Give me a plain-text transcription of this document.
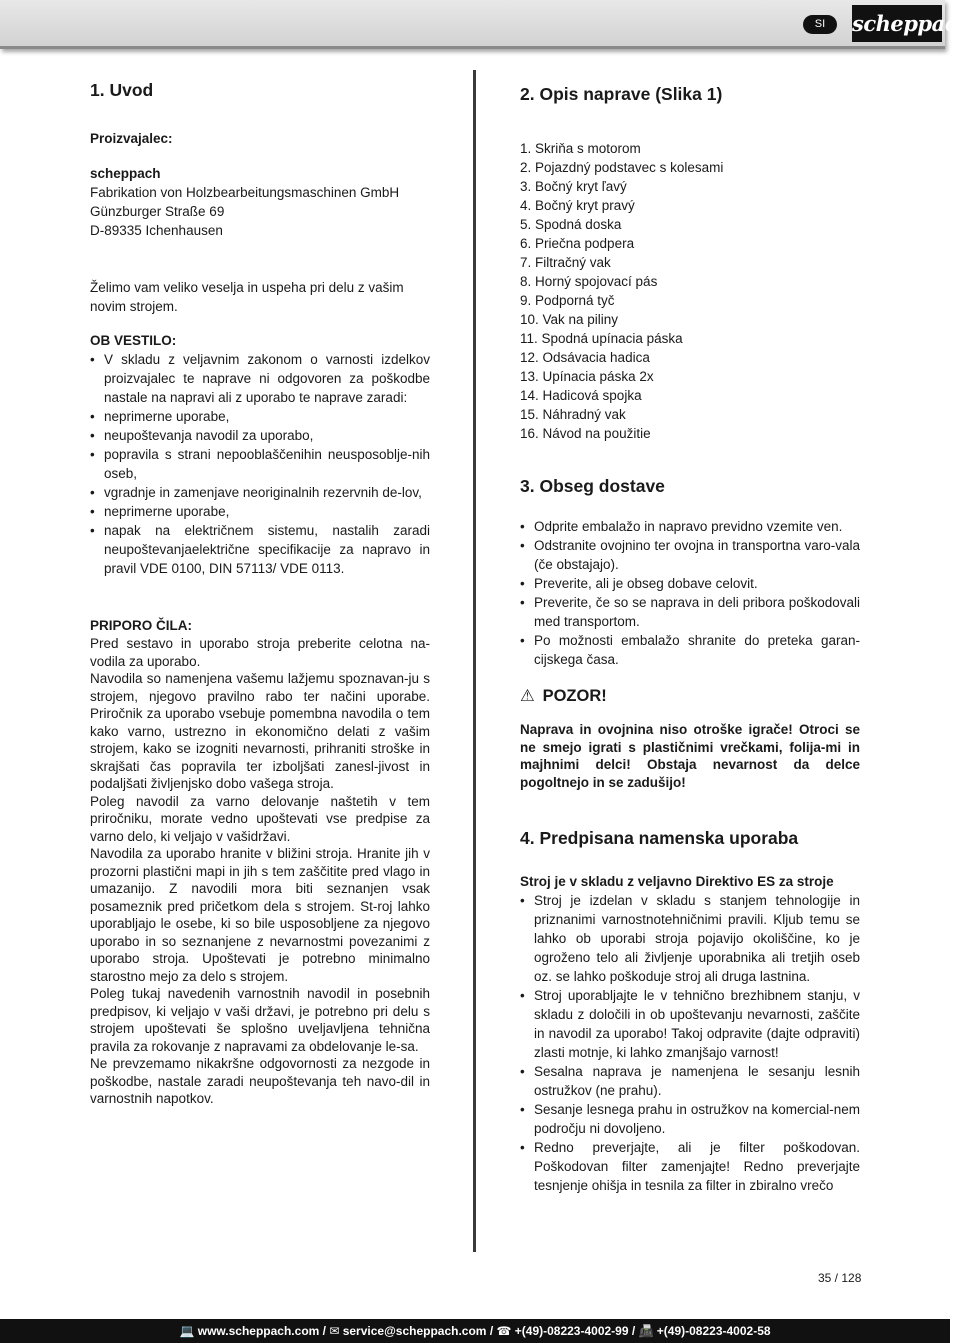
SI	scheppach
1. Uvod

Proizvajalec:

scheppach

Fabrikation von Holzbearbeitungsmaschinen GmbH

Günzburger Straße 69

D-89335 Ichenhausen

Želimo vam veliko veselja in uspeha pri delu z vašim novim strojem.

OB VESTILO:

• V skladu z veljavnim zakonom o varnosti izdelkov proizvajalec te naprave ni odgovoren za poškodbe nastale na napravi ali z uporabo te naprave zaradi:
• neprimerne uporabe,
• neupoštevanja navodil za uporabo,
• popravila s strani nepooblaščenihin neusposoblje-nih oseb,
• vgradnje in zamenjave neoriginalnih rezervnih de-lov,
• neprimerne uporabe,
• napak na električnem sistemu, nastalih zaradi neupoštevanjaelektrične specifikacije za napravo in pravil VDE 0100, DIN 57113/ VDE 0113.

PRIPORO ČILA:

Pred sestavo in uporabo stroja preberite celotna na-vodila za uporabo.

Navodila so namenjena vašemu lažjemu spoznavan-ju s strojem, njegovo pravilno rabo ter načini uporabe. Priročnik za uporabo vsebuje pomembna navodila o tem kako varno, ustrezno in ekonomično delati z vašim strojem, kako se izogniti nevarnosti, prihraniti stroške in skrajšati čas popravila ter izboljšati zanesl-jivost in podaljšati življenjsko dobo vašega stroja.

Poleg navodil za varno delovanje naštetih v tem priročniku, morate vedno upoštevati vse predpise za varno delo, ki veljajo v vašidržavi.

Navodila za uporabo hranite v bližini stroja. Hranite jih v prozorni plastični mapi in jih s tem zaščitite pred vlago in umazanijo. Z navodili mora biti seznanjen vsak posameznik pred pričetkom dela s strojem. St-roj lahko uporabljajo le osebe, ki so bile usposobljene za njegovo uporabo in so seznanjene z nevarnostmi povezanimi z uporabo stroja. Upoštevati je potrebno minimalno starostno mejo za delo s strojem.

Poleg tukaj navedenih varnostnih navodil in posebnih predpisov, ki veljajo v vaši državi, je potrebno pri delu s strojem upoštevati še splošno uveljavljena tehnična pravila za rokovanje z napravami za obdelovanje le-sa.

Ne prevzemamo nikakršne odgovornosti za nezgode in poškodbe, nastale zaradi neupoštevanja teh navo-dil in varnostnih napotkov.

2. Opis naprave (Slika 1)
1. Skriňa s motorom
2. Pojazdný podstavec s kolesami
3. Bočný kryt ľavý
4. Bočný kryt pravý
5. Spodná doska
6. Priečna podpera
7. Filtračný vak
8. Horný spojovací pás
9. Podporná tyč
10. Vak na piliny
11. Spodná upínacia páska
12. Odsávacia hadica
13. Upínacia páska 2x
14. Hadicová spojka
15. Náhradný vak
16. Návod na použitie
3. Obseg dostave
• Odprite embalažo in napravo previdno vzemite ven.
• Odstranite ovojnino ter ovojna in transportna varo-vala (če obstajajo).
• Preverite, ali je obseg dobave celovit.
• Preverite, če so se naprava in deli pribora poškodovali med transportom.
• Po možnosti embalažo shranite do preteka garan-cijskega časa.
⚠ POZOR!

Naprava in ovojnina niso otroške igrače! Otroci se ne smejo igrati s plastičnimi vrečkami, folija-mi in majhnimi delci! Obstaja nevarnost da delce pogoltnejo in se zadušijo!

4. Predpisana namenska uporaba

Stroj je v skladu z veljavno Direktivo ES za stroje

• Stroj je izdelan v skladu s stanjem tehnologije in priznanimi varnostnotehničnimi pravili. Kljub temu se lahko ob uporabi stroja pojavijo okoliščine, ko je ogroženo telo ali življenje uporabnika ali tretjih oseb oz. se lahko poškoduje stroj ali druga lastnina.
• Stroj uporabljajte le v tehnično brezhibnem stanju, v skladu z določili in ob upoštevanju nevarnosti, zaščite in navodil za uporabo! Takoj odpravite (dajte odpraviti) zlasti motnje, ki lahko zmanjšajo varnost!
• Sesalna naprava je namenjena le sesanju lesnih ostružkov (ne prahu).
• Sesanje lesnega prahu in ostružkov na komercial-nem področju ni dovoljeno.
• Redno preverjajte, ali je filter poškodovan. Poškodovan filter zamenjajte! Redno preverjajte tesnjenje ohišja in tesnila za filter in zbiralno vrečo
35 / 128
💻 www.scheppach.com / ✉ service@scheppach.com / ☎ +(49)-08223-4002-99 / 📠 +(49)-08223-4002-58
